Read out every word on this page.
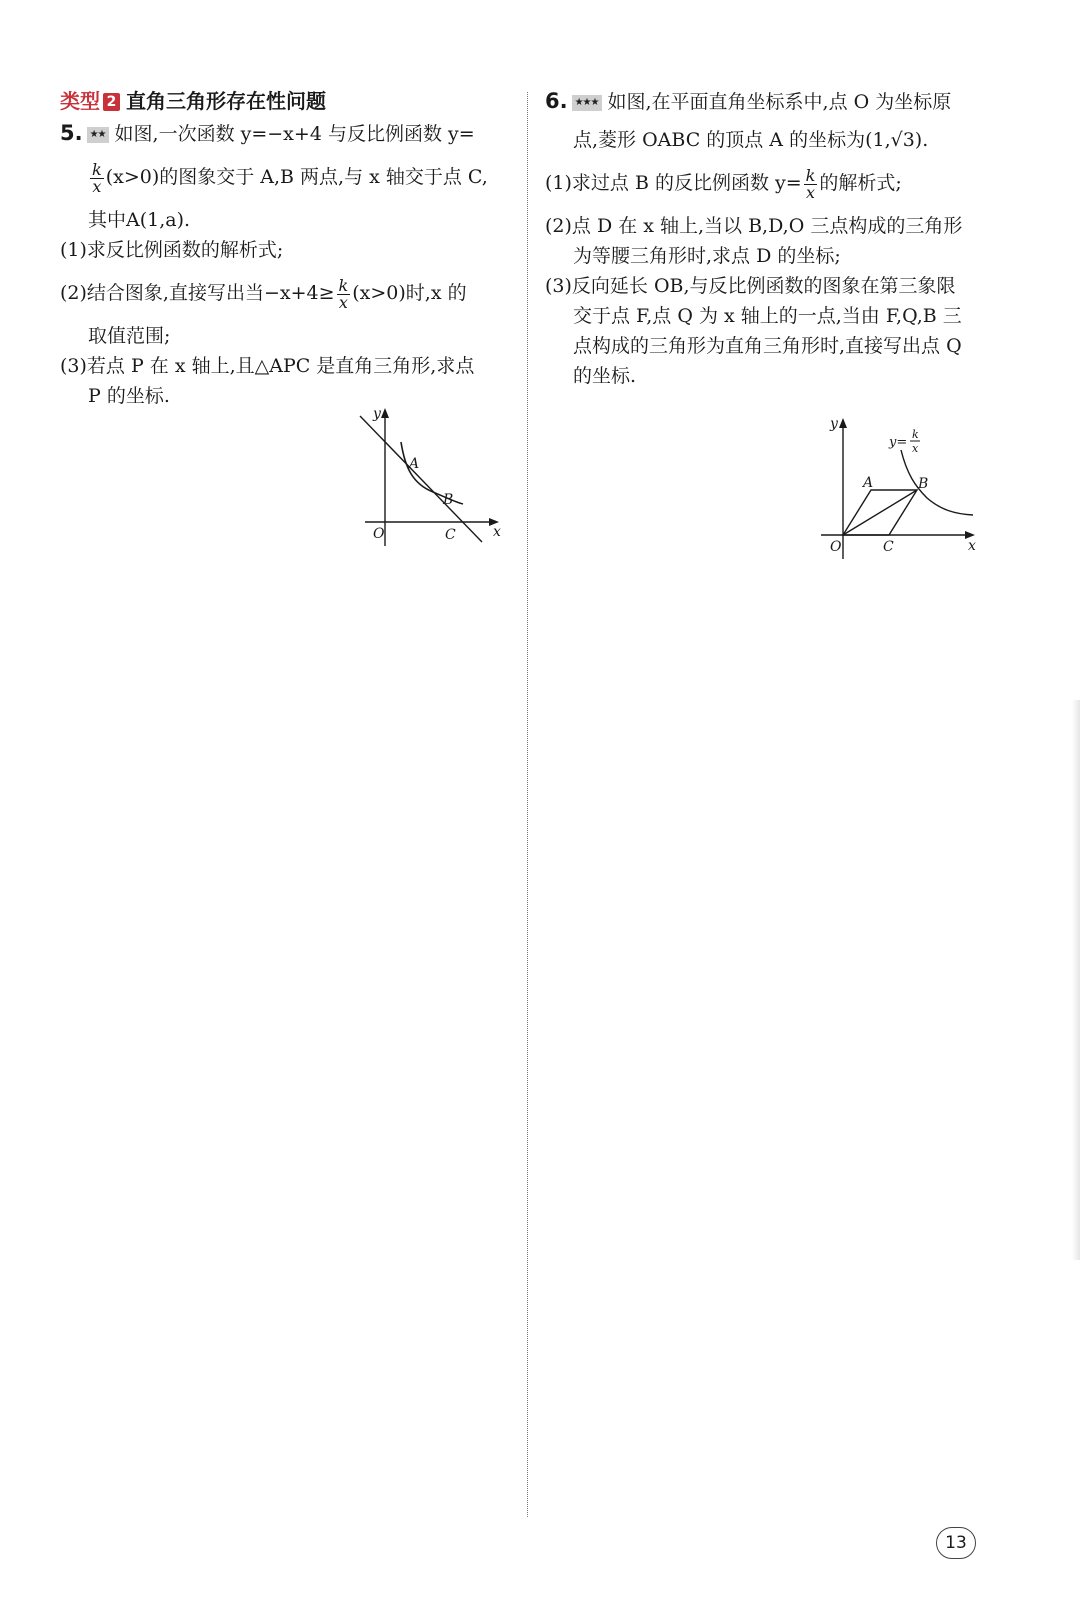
类型 2 直角三角形存在性问题
5. ★★ 如图,一次函数 y=−x+4 与反比例函数 y=
$\frac{k}{x} (x>0)$的图象交于 A,B 两点,与 x 轴交于点 C,
其中A(1,a).
(1)求反比例函数的解析式;
(2)结合图象,直接写出当$-x+4\ge \frac{k}{x} (x>0)$时,x 的
取值范围;
(3)若点 P 在 x 轴上,且△APC 是直角三角形,求点
P 的坐标.
y
x
O
A
B
C
6. ★★★ 如图,在平面直角坐标系中,点 O 为坐标原
点,菱形 OABC 的顶点 A 的坐标为(1,√3).
(1)求过点 B 的反比例函数 $y= \frac{k}{x}$ 的解析式;
(2)点 D 在 x 轴上,当以 B,D,O 三点构成的三角形
为等腰三角形时,求点 D 的坐标;
(3)反向延长 OB,与反比例函数的图象在第三象限
交于点 F,点 Q 为 x 轴上的一点,当由 F,Q,B 三
点构成的三角形为直角三角形时,直接写出点 Q
的坐标.
y
x
O
A	B
C
y=
k
x
13
